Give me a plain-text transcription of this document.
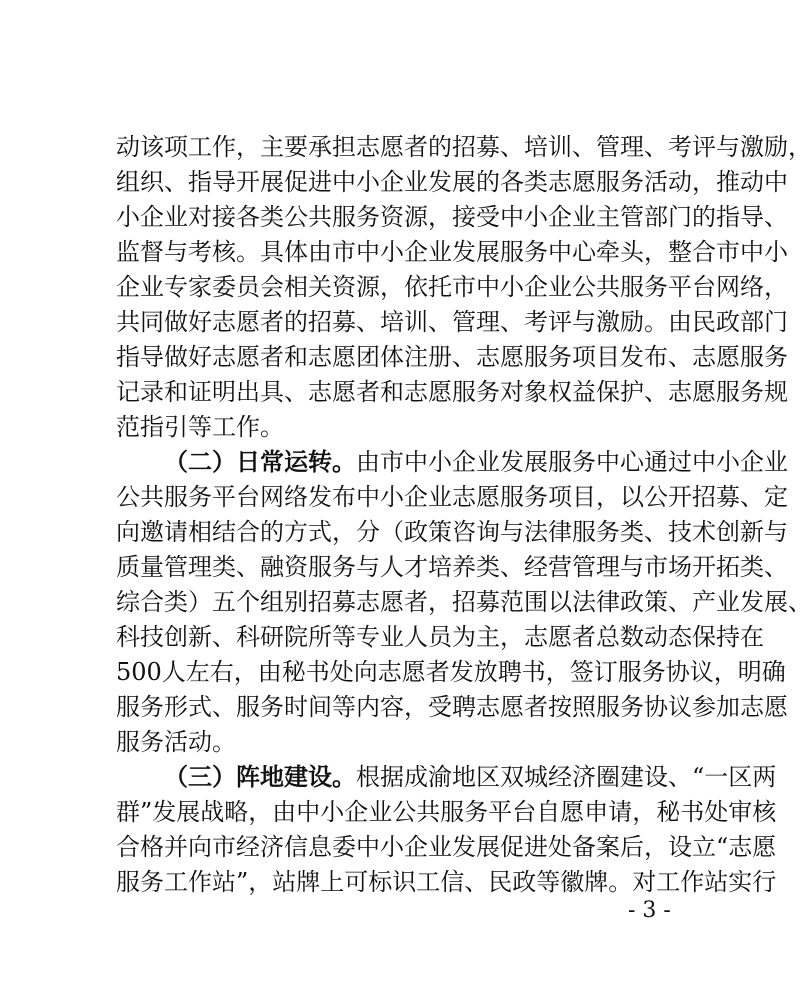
动该项工作，主要承担志愿者的招募、培训、管理、考评与激励，
组织、指导开展促进中小企业发展的各类志愿服务活动，推动中
小企业对接各类公共服务资源，接受中小企业主管部门的指导、
监督与考核。具体由市中小企业发展服务中心牵头，整合市中小
企业专家委员会相关资源，依托市中小企业公共服务平台网络，
共同做好志愿者的招募、培训、管理、考评与激励。由民政部门
指导做好志愿者和志愿团体注册、志愿服务项目发布、志愿服务
记录和证明出具、志愿者和志愿服务对象权益保护、志愿服务规
范指引等工作。
（二）日常运转。由市中小企业发展服务中心通过中小企业
公共服务平台网络发布中小企业志愿服务项目，以公开招募、定
向邀请相结合的方式，分（政策咨询与法律服务类、技术创新与
质量管理类、融资服务与人才培养类、经营管理与市场开拓类、
综合类）五个组别招募志愿者，招募范围以法律政策、产业发展、
科技创新、科研院所等专业人员为主，志愿者总数动态保持在
500人左右，由秘书处向志愿者发放聘书，签订服务协议，明确
服务形式、服务时间等内容，受聘志愿者按照服务协议参加志愿
服务活动。
（三）阵地建设。根据成渝地区双城经济圈建设、“一区两
群”发展战略，由中小企业公共服务平台自愿申请，秘书处审核
合格并向市经济信息委中小企业发展促进处备案后，设立“志愿
服务工作站”，站牌上可标识工信、民政等徽牌。对工作站实行
- 3 -
